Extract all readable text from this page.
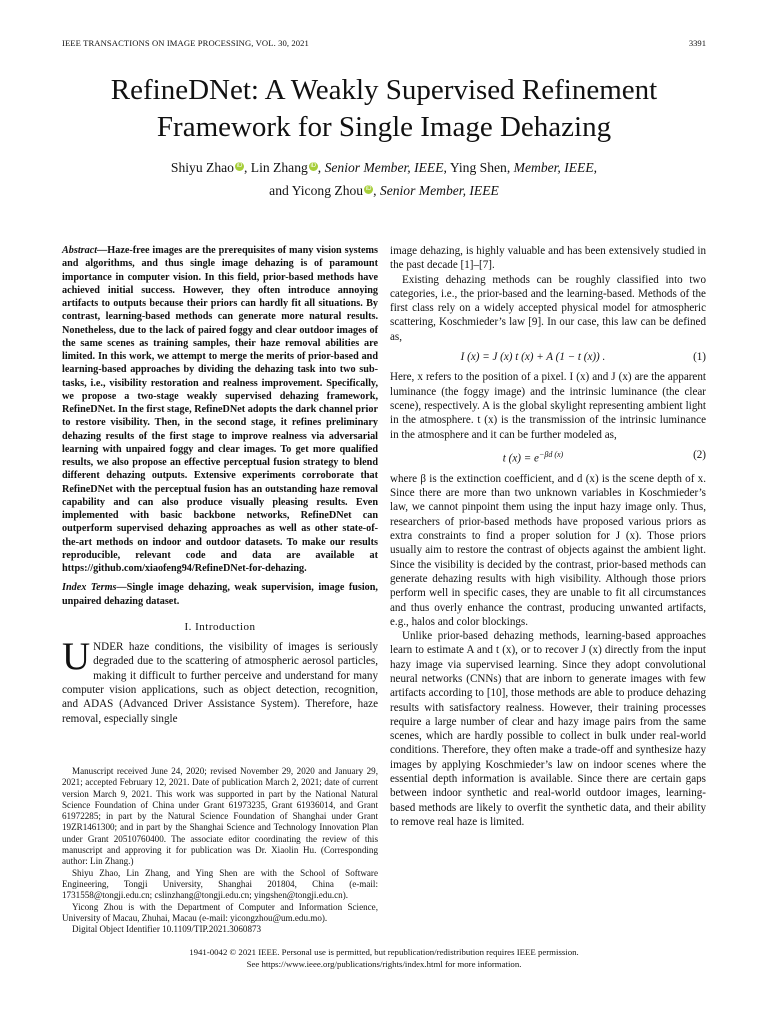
IEEE TRANSACTIONS ON IMAGE PROCESSING, VOL. 30, 2021	3391
RefineDNet: A Weakly Supervised Refinement
Framework for Single Image Dehazing
Shiyu Zhao iD , Lin Zhang iD , Senior Member, IEEE, Ying Shen, Member, IEEE,
and Yicong Zhou iD , Senior Member, IEEE

Abstract—Haze-free images are the prerequisites of many vision systems and algorithms, and thus single image dehazing is of paramount importance in computer vision. In this field, prior-based methods have achieved initial success. However, they often introduce annoying artifacts to outputs because their priors can hardly fit all situations. By contrast, learning-based methods can generate more natural results. Nonetheless, due to the lack of paired foggy and clear outdoor images of the same scenes as training samples, their haze removal abilities are limited. In this work, we attempt to merge the merits of prior-based and learning-based approaches by dividing the dehazing task into two sub-tasks, i.e., visibility restoration and realness improvement. Specifically, we propose a two-stage weakly supervised dehazing framework, RefineDNet. In the first stage, RefineDNet adopts the dark channel prior to restore visibility. Then, in the second stage, it refines preliminary dehazing results of the first stage to improve realness via adversarial learning with unpaired foggy and clear images. To get more qualified results, we also propose an effective perceptual fusion strategy to blend different dehazing outputs. Extensive experiments corroborate that RefineDNet with the perceptual fusion has an outstanding haze removal capability and can also produce visually pleasing results. Even implemented with basic backbone networks, RefineDNet can outperform supervised dehazing approaches as well as other state-of-the-art methods on indoor and outdoor datasets. To make our results reproducible, relevant code and data are available at https://github.com/xiaofeng94/RefineDNet-for-dehazing.

Index Terms—Single image dehazing, weak supervision, image fusion, unpaired dehazing dataset.

I. Introduction

UNDER haze conditions, the visibility of images is seriously degraded due to the scattering of atmospheric aerosol particles, making it difficult to further perceive and understand for many computer vision applications, such as object detection, recognition, and ADAS (Advanced Driver Assistance System). Therefore, haze removal, especially single

Manuscript received June 24, 2020; revised November 29, 2020 and January 29, 2021; accepted February 12, 2021. Date of publication March 2, 2021; date of current version March 9, 2021. This work was supported in part by the National Natural Science Foundation of China under Grant 61973235, Grant 61936014, and Grant 61972285; in part by the Natural Science Foundation of Shanghai under Grant 19ZR1461300; and in part by the Shanghai Science and Technology Innovation Plan under Grant 20510760400. The associate editor coordinating the review of this manuscript and approving it for publication was Dr. Xiaolin Hu. (Corresponding author: Lin Zhang.)

Shiyu Zhao, Lin Zhang, and Ying Shen are with the School of Software Engineering, Tongji University, Shanghai 201804, China (e-mail: 1731558@tongji.edu.cn; cslinzhang@tongji.edu.cn; yingshen@tongji.edu.cn).

Yicong Zhou is with the Department of Computer and Information Science, University of Macau, Zhuhai, Macau (e-mail: yicongzhou@um.edu.mo).

Digital Object Identifier 10.1109/TIP.2021.3060873

image dehazing, is highly valuable and has been extensively studied in the past decade [1]–[7].

Existing dehazing methods can be roughly classified into two categories, i.e., the prior-based and the learning-based. Methods of the first class rely on a widely accepted physical model for atmospheric scattering, Koschmieder’s law [9]. In our case, this law can be defined as,

I (x) = J (x) t (x) + A (1 − t (x)) .	(1)

Here, x refers to the position of a pixel. I (x) and J (x) are the apparent luminance (the foggy image) and the intrinsic luminance (the clear scene), respectively. A is the global skylight representing ambient light in the atmosphere. t (x) is the transmission of the intrinsic luminance in the atmosphere and it can be further modeled as,

t $(x) = e^{-\beta d (x)}$	(2)

where β is the extinction coefficient, and d (x) is the scene depth of x. Since there are more than two unknown variables in Koschmieder’s law, we cannot pinpoint them using the input hazy image only. Thus, researchers of prior-based methods have proposed various priors as extra constraints to find a proper solution for J (x). Those priors usually aim to restore the contrast of objects against the ambient light. Since the visibility is decided by the contrast, prior-based methods can generate dehazing results with high visibility. Although those priors perform well in specific cases, they are unable to fit all circumstances and thus overly enhance the contrast, producing unwanted artifacts, e.g., halos and color blockings.

Unlike prior-based dehazing methods, learning-based approaches learn to estimate A and t (x), or to recover J (x) directly from the input hazy image via supervised learning. Since they adopt convolutional neural networks (CNNs) that are inborn to generate images with few artifacts according to [10], those methods are able to produce dehazing results with satisfactory realness. However, their training processes require a large number of clear and hazy image pairs from the same scenes, which are hardly possible to collect in bulk under real-world conditions. Therefore, they often make a trade-off and synthesize hazy images by applying Koschmieder’s law on indoor scenes where the essential depth information is available. Since there are certain gaps between indoor synthetic and real-world outdoor images, learning-based methods are likely to overfit the synthetic data, and their ability to remove real haze is limited.

1941-0042 © 2021 IEEE. Personal use is permitted, but republication/redistribution requires IEEE permission.
See https://www.ieee.org/publications/rights/index.html for more information.
